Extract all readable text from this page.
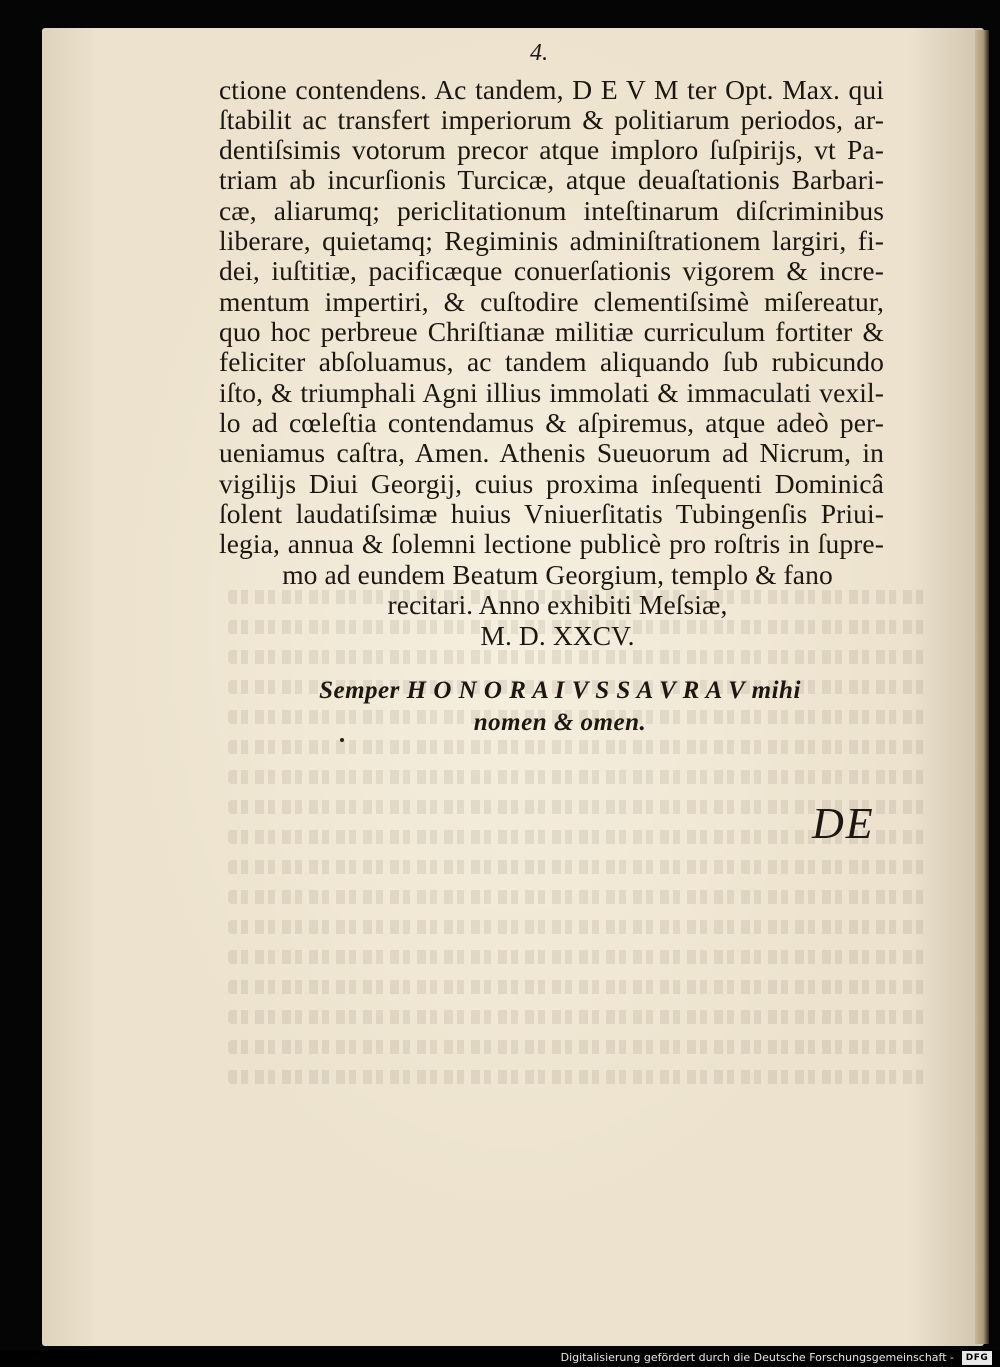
4.
ctione contendens. Ac tandem, D E V M ter Opt. Max. qui
ſtabilit ac transfert imperiorum & politiarum periodos, ar-
dentiſsimis votorum precor atque imploro ſuſpirijs, vt Pa-
triam ab incurſionis Turcicæ, atque deuaſtationis Barbari-
cæ, aliarumq; periclitationum inteſtinarum diſcriminibus
liberare, quietamq; Regiminis adminiſtrationem largiri, fi-
dei, iuſtitiæ, pacificæque conuerſationis vigorem & incre-
mentum impertiri, & cuſtodire clementiſsimè miſereatur,
quo hoc perbreue Chriſtianæ militiæ curriculum fortiter &
feliciter abſoluamus, ac tandem aliquando ſub rubicundo
iſto, & triumphali Agni illius immolati & immaculati vexil-
lo ad cœleſtia contendamus & aſpiremus, atque adeò per-
ueniamus caſtra, Amen. Athenis Sueuorum ad Nicrum, in
vigilijs Diui Georgij, cuius proxima inſequenti Dominicâ
ſolent laudatiſsimæ huius Vniuerſitatis Tubingenſis Priui-
legia, annua & ſolemni lectione publicè pro roſtris in ſupre-
mo ad eundem Beatum Georgium, templo & fano
recitari. Anno exhibiti Meſsiæ,
M. D. XXCV.
Semper H O N O R A I V S S A V R A V mihi
nomen & omen.
DE
Digitalisierung gefördert durch die Deutsche Forschungsgemeinschaft -	DFG
